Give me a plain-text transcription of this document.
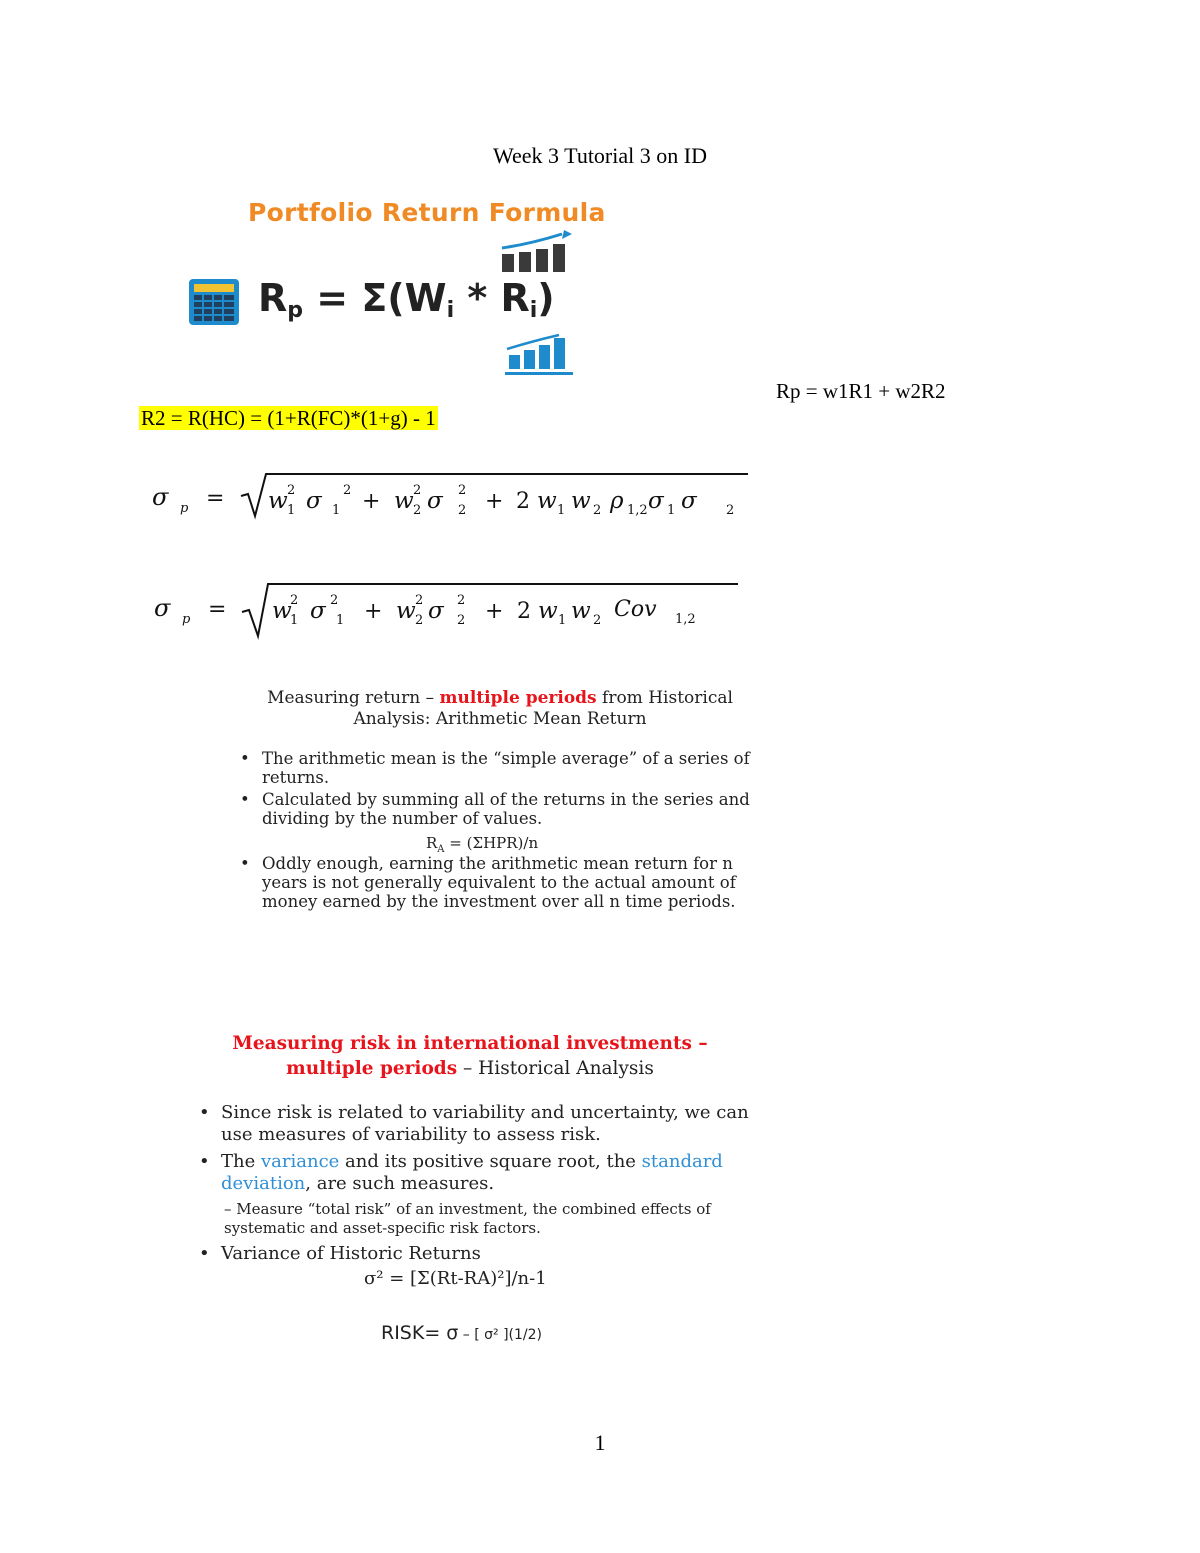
Week 3 Tutorial 3 on ID
Portfolio Return Formula
Rp = Σ(Wi * Ri)
Rp = w1R1 + w2R2
R2 = R(HC) = (1+R(FC)*(1+g) - 1
σ p = w 2
1 σ 2
1 + w 2
2 σ 2
2 + 2 w 1 w 2 ρ 1,2 σ 1 σ 2
σ p = w
2
1 σ 2
1 + w 2
2 σ 2
2 + 2 w 1 w 2 Cov 1,2
Measuring return – multiple periods from Historical
Analysis: Arithmetic Mean Return
• The arithmetic mean is the “simple average” of a series of returns.
• Calculated by summing all of the returns in the series and dividing by the number of values.
• Oddly enough, earning the arithmetic mean return for n years is not generally equivalent to the actual amount of money earned by the investment over all n time periods.
$R_A = (\Sigma HPR)/n$
Measuring risk in international investments –
multiple periods – Historical Analysis
• Since risk is related to variability and uncertainty, we can use measures of variability to assess risk.
• The variance and its positive square root, the standard deviation, are such measures.
– Measure “total risk” of an investment, the combined effects of systematic and asset-specific risk factors.
• Variance of Historic Returns
σ² = [Σ(Rt-RA)²]/n-1
RISK= σ – [ σ² ](1/2)
1
